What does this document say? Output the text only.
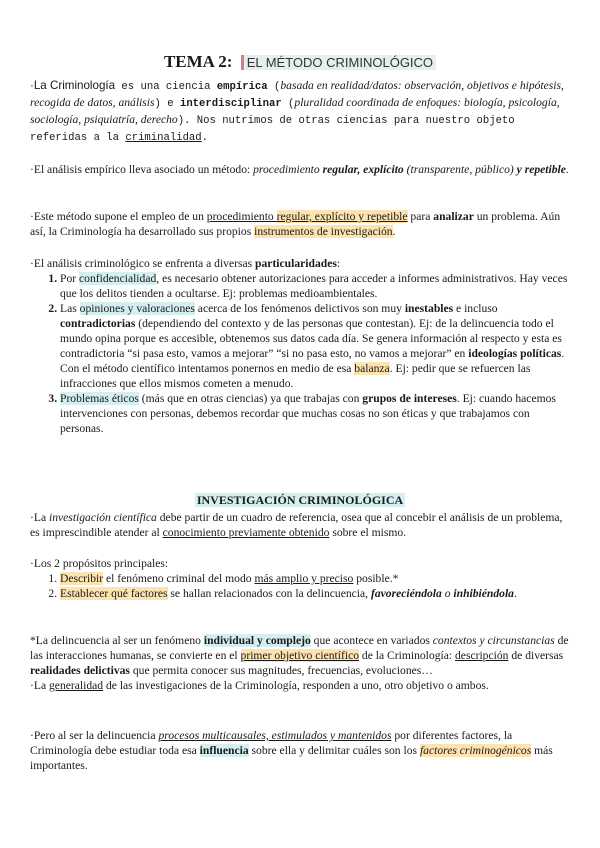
TEMA 2: EL MÉTODO CRIMINOLÓGICO
·La Criminología es una ciencia empírica (basada en realidad/datos: observación, objetivos e hipótesis, recogida de datos, análisis) e interdisciplinar (pluralidad coordinada de enfoques: biología, psicología, sociología, psiquiatría, derecho). Nos nutrimos de otras ciencias para nuestro objeto referidas a la criminalidad.
·El análisis empírico lleva asociado un método: procedimiento regular, explícito (transparente, público) y repetible.
·Este método supone el empleo de un procedimiento regular, explícito y repetible para analizar un problema. Aún así, la Criminología ha desarrollado sus propios instrumentos de investigación.
·El análisis criminológico se enfrenta a diversas particularidades:
1. Por confidencialidad, es necesario obtener autorizaciones para acceder a informes administrativos. Hay veces que los delitos tienden a ocultarse. Ej: problemas medioambientales.
2. Las opiniones y valoraciones acerca de los fenómenos delictivos son muy inestables e incluso contradictorias (dependiendo del contexto y de las personas que contestan). Ej: de la delincuencia todo el mundo opina porque es accesible, obtenemos sus datos cada día. Se genera información al respecto y esta es contradictoria “si pasa esto, vamos a mejorar” “si no pasa esto, no vamos a mejorar” en ideologías políticas. Con el método científico intentamos ponernos en medio de esa balanza. Ej: pedir que se refuercen las infracciones que ellos mismos cometen a menudo.
3. Problemas éticos (más que en otras ciencias) ya que trabajas con grupos de intereses. Ej: cuando hacemos intervenciones con personas, debemos recordar que muchas cosas no son éticas y que trabajamos con personas.
INVESTIGACIÓN CRIMINOLÓGICA
·La investigación científica debe partir de un cuadro de referencia, osea que al concebir el análisis de un problema, es imprescindible atender al conocimiento previamente obtenido sobre el mismo.
·Los 2 propósitos principales:
1. Describir el fenómeno criminal del modo más amplio y preciso posible.*
2. Establecer qué factores se hallan relacionados con la delincuencia, favoreciéndola o inhibiéndola.
*La delincuencia al ser un fenómeno individual y complejo que acontece en variados contextos y circunstancias de las interacciones humanas, se convierte en el primer objetivo científico de la Criminología: descripción de diversas realidades delictivas que permita conocer sus magnitudes, frecuencias, evoluciones…
·La generalidad de las investigaciones de la Criminología, responden a uno, otro objetivo o ambos.
·Pero al ser la delincuencia procesos multicausales, estimulados y mantenidos por diferentes factores, la Criminología debe estudiar toda esa influencia sobre ella y delimitar cuáles son los factores criminogénicos más importantes.
